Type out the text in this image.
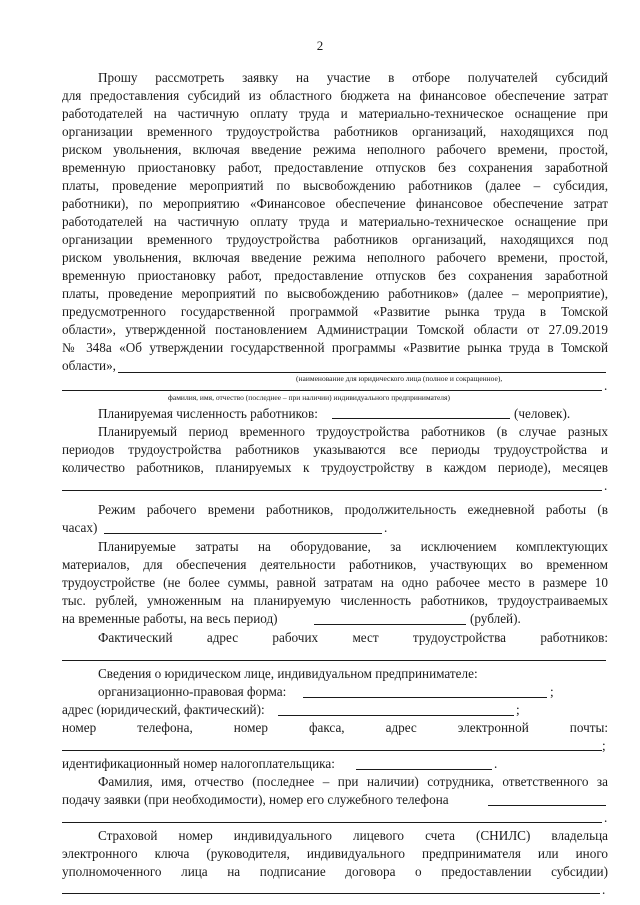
2
Прошу рассмотреть заявку на участие в отборе получателей субсидий
для предоставления субсидий из областного бюджета на финансовое обеспечение затрат
работодателей на частичную оплату труда и материально-техническое оснащение при
организации временного трудоустройства работников организаций, находящихся под
риском увольнения, включая введение режима неполного рабочего времени, простой,
временную приостановку работ, предоставление отпусков без сохранения заработной
платы, проведение мероприятий по высвобождению работников (далее – субсидия,
работники), по мероприятию «Финансовое обеспечение финансовое обеспечение затрат
работодателей на частичную оплату труда и материально-техническое оснащение при
организации временного трудоустройства работников организаций, находящихся под
риском увольнения, включая введение режима неполного рабочего времени, простой,
временную приостановку работ, предоставление отпусков без сохранения заработной
платы, проведение мероприятий по высвобождению работников» (далее – мероприятие),
предусмотренного государственной программой «Развитие рынка труда в Томской
области», утвержденной постановлением Администрации Томской области от 27.09.2019
№ 348а «Об утверждении государственной программы «Развитие рынка труда в Томской
области»,
(наименование для юридического лица (полное и сокращенное),	.
фамилия, имя, отчество (последнее – при наличии) индивидуального предпринимателя)
Планируемая численность работников:	(человек).
Планируемый период временного трудоустройства работников (в случае разных
периодов трудоустройства работников указываются все периоды трудоустройства и
количество работников, планируемых к трудоустройству в каждом периоде), месяцев
.
Режим рабочего времени работников, продолжительность ежедневной работы (в
часах)	.
Планируемые затраты на оборудование, за исключением комплектующих
материалов, для обеспечения деятельности работников, участвующих во временном
трудоустройстве (не более суммы, равной затратам на одно рабочее место в размере 10
тыс. рублей, умноженным на планируемую численность работников, трудоустраиваемых
на временные работы, на весь период)	(рублей).
Фактический адрес рабочих мест трудоустройства работников:
Сведения о юридическом лице, индивидуальном предпринимателе:
организационно-правовая форма:	;
адрес (юридический, фактический):	;
номер телефона, номер факса, адрес электронной почты:
;
идентификационный номер налогоплательщика:	.
Фамилия, имя, отчество (последнее – при наличии) сотрудника, ответственного за
подачу заявки (при необходимости), номер его служебного телефона
.
Страховой номер индивидуального лицевого счета (СНИЛС) владельца
электронного ключа (руководителя, индивидуального предпринимателя или иного
уполномоченного лица на подписание договора о предоставлении субсидии)
.
